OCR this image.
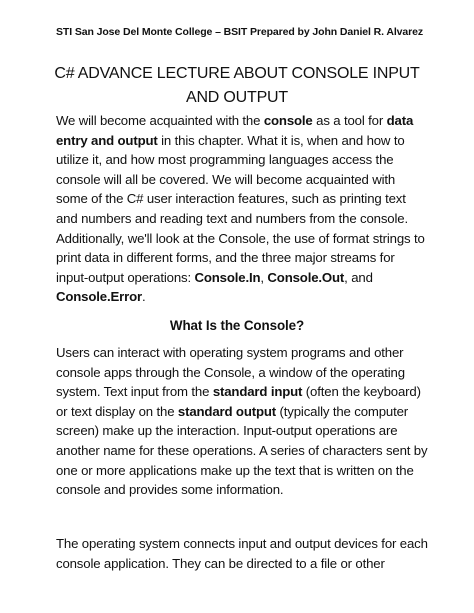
STI San Jose Del Monte College – BSIT Prepared by John Daniel R. Alvarez
C# ADVANCE LECTURE ABOUT CONSOLE INPUT
AND OUTPUT

We will become acquainted with the console as a tool for data entry and output in this chapter. What it is, when and how to utilize it, and how most programming languages access the console will all be covered. We will become acquainted with some of the C# user interaction features, such as printing text and numbers and reading text and numbers from the console. Additionally, we'll look at the Console, the use of format strings to print data in different forms, and the three major streams for input-output operations: Console.In, Console.Out, and Console.Error.

What Is the Console?

Users can interact with operating system programs and other console apps through the Console, a window of the operating system. Text input from the standard input (often the keyboard) or text display on the standard output (typically the computer screen) make up the interaction. Input-output operations are another name for these operations. A series of characters sent by one or more applications make up the text that is written on the console and provides some information.

The operating system connects input and output devices for each console application. They can be directed to a file or other
